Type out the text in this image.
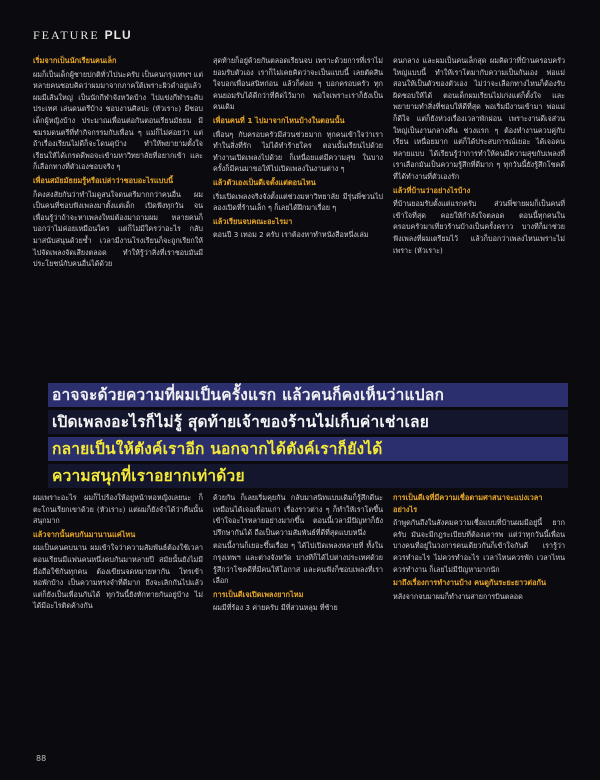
FEATURE PLU

เริ่มจากเป็นนักเรียนคนเล็ก

ผมก็เป็นเด็กผู้ชายปกติทั่วไปนะครับ เป็นคนกรุงเทพฯ แต่หลายคนชอบคิดว่าผมมาจากภาคใต้เพราะผิวดำอยู่แล้ว ผมมีเส้นใหญ่ เป็นนักกีฬาจังหวัดบ้าง ไปแข่งกีฬาระดับประเทศ เล่นดนตรีบ้าง ชอบงานศิลปะ (หัวเราะ) มีชอบเด็กผู้หญิงบ้าง ประมาณเพื่อนต่อกันตอนเรียนมัธยม มีชมรมดนตรีที่ทำกิจกรรมกับเพื่อน ๆ แม่ก็ไม่ค่อยว่า แต่ถ้าเรื่องเรียนไม่ดีก็จะโดนดุบ้าง ทำให้พยายามตั้งใจเรียนให้ได้เกรดดีพอจะเข้ามหาวิทยาลัยที่อยากเข้า และก็เลือกทางที่ตัวเองชอบจริง ๆ

เพื่อนสมัยมัธยมรู้หรือเปล่าว่าชอบอะไรแบบนี้

ก็คงสงสัยกันว่าทำไมดูสนใจดนตรีมากกว่าคนอื่น ผมเป็นคนที่ชอบฟังเพลงมาตั้งแต่เด็ก เปิดฟังทุกวัน จนเพื่อนรู้ว่าถ้าจะหาเพลงใหม่ต้องมาถามผม หลายคนก็บอกว่าไม่ค่อยเหมือนใคร แต่ก็ไม่มีใครว่าอะไร กลับมาสนับสนุนด้วยซ้ำ เวลามีงานโรงเรียนก็จะถูกเรียกให้ไปจัดเพลงจัดเสียงตลอด ทำให้รู้ว่าสิ่งที่เราชอบมันมีประโยชน์กับคนอื่นได้ด้วย

สุดท้ายก็อยู่ด้วยกันตลอดเรียนจบ เพราะด้วยการที่เราไม่ยอมรับตัวเอง เราก็ไม่เคยคิดว่าจะเป็นแบบนี้ เลยตัดสินใจบอกเพื่อนสนิทก่อน แล้วก็ค่อย ๆ บอกครอบครัว ทุกคนยอมรับได้ดีกว่าที่คิดไว้มาก พอใจเพราะเราก็ยังเป็นคนเดิม

เพื่อนคนที่ 1 ไปมาจากไหนบ้างในตอนนั้น

เพื่อนๆ กับครอบครัวมีส่วนช่วยมาก ทุกคนเข้าใจว่าเราทำในสิ่งที่รัก ไม่ได้ทำร้ายใคร ตอนนั้นเรียนไปด้วย ทำงานเปิดเพลงไปด้วย ก็เหนื่อยแต่มีความสุข ในบางครั้งก็มีคนมาขอให้ไปเปิดเพลงในงานต่าง ๆ

แล้วตัวเองเป็นดีเจตั้งแต่ตอนไหน

เริ่มเปิดเพลงจริงจังตั้งแต่ช่วงมหาวิทยาลัย มีรุ่นพี่ชวนไปลองเปิดที่ร้านเล็ก ๆ ก็เลยได้ฝึกมาเรื่อย ๆ

แล้วเรียนจบคณะอะไรมา

ตอนปี 3 เทอม 2 ครับ เราต้องหาทำหนังสือหนึ่งเล่ม

คนกลาง และผมเป็นคนเล็กสุด ผมคิดว่าที่บ้านครอบครัวใหญ่แบบนี้ ทำให้เราโตมากับความเป็นกันเอง พ่อแม่สอนให้เป็นตัวของตัวเอง ไม่ว่าจะเลือกทางไหนก็ต้องรับผิดชอบให้ได้ ตอนเด็กผมเรียนไม่เก่งแต่ก็ตั้งใจ และพยายามทำสิ่งที่ชอบให้ดีที่สุด พอเริ่มมีงานเข้ามา พ่อแม่ก็ดีใจ แต่ก็ยังห่วงเรื่องเวลาพักผ่อน เพราะงานดีเจส่วนใหญ่เป็นงานกลางคืน ช่วงแรก ๆ ต้องทำงานควบคู่กับเรียน เหนื่อยมาก แต่ก็ได้ประสบการณ์เยอะ ได้เจอคนหลายแบบ ได้เรียนรู้ว่าการทำให้คนมีความสุขกับเพลงที่เราเลือกมันเป็นความรู้สึกที่ดีมาก ๆ ทุกวันนี้ยังรู้สึกโชคดีที่ได้ทำงานที่ตัวเองรัก

แล้วที่บ้านว่าอย่างไรบ้าง

ที่บ้านยอมรับตั้งแต่แรกครับ ส่วนพี่ชายผมก็เป็นคนที่เข้าใจที่สุด คอยให้กำลังใจตลอด ตอนนี้ทุกคนในครอบครัวมาเที่ยวร้านบ้างเป็นครั้งคราว บางทีก็มาช่วยฟังเพลงที่ผมเตรียมไว้ แล้วก็บอกว่าเพลงไหนเพราะไม่เพราะ (หัวเราะ)

อาจจะด้วยความที่ผมเป็นครั้งแรก แล้วคนก็คงเห็นว่าแปลก
เปิดเพลงอะไรก็ไม่รู้ สุดท้ายเจ้าของร้านไม่เก็บค่าเช่าเลย
กลายเป็นให้ตังค์เราอีก นอกจากได้ตังค์เราก็ยังได้
ความสนุกที่เราอยากเท่าด้วย

ผมเพราะอะไร ผมก็ไปร้องให้อยู่หน้าหอหญิงเลยนะ ก็ตะโกนเรียกเขาด้วย (หัวเราะ) แต่ผมก็ยังจำได้ว่าคืนนั้นสนุกมาก

แล้วจากนั้นคบกันมานานแค่ไหน

ผมเป็นคนคบนาน ผมเข้าใจว่าความสัมพันธ์ต้องใช้เวลา ตอนเรียนมีแฟนคนหนึ่งคบกันมาหลายปี สมัยนั้นยังไม่มีมือถือใช้กันทุกคน ต้องเขียนจดหมายหากัน โทรเข้าหอพักบ้าง เป็นความทรงจำที่ดีมาก ถึงจะเลิกกันไปแล้วแต่ก็ยังเป็นเพื่อนกันได้ ทุกวันนี้ยังทักทายกันอยู่บ้าง ไม่ได้มีอะไรติดค้างกัน

ด้วยกัน ก็เลยเริ่มคุยกัน กลับมาสนิทแบบเดิมก็รู้สึกดีนะ เหมือนได้เจอเพื่อนเก่า เรื่องราวต่าง ๆ ก็ทำให้เราโตขึ้น เข้าใจอะไรหลายอย่างมากขึ้น ตอนนี้เวลามีปัญหาก็ยังปรึกษากันได้ ถือเป็นความสัมพันธ์ที่ดีที่สุดแบบหนึ่ง

ตอนนี้งานก็เยอะขึ้นเรื่อย ๆ ได้ไปเปิดเพลงหลายที่ ทั้งในกรุงเทพฯ และต่างจังหวัด บางทีก็ได้ไปต่างประเทศด้วย รู้สึกว่าโชคดีที่มีคนให้โอกาส และคนฟังก็ชอบเพลงที่เราเลือก

การเป็นดีเจเปิดเพลงยากไหม

ผมมีที่ร้อง 3 ค่ายครับ มีที่สวนหลุม ที่ซ้าย

การเป็นดีเจที่มีความเชื่อตามศาสนาจะแบ่งเวลาอย่างไร

ถ้าพูดกันถึงในสังคมความเชื่อแบบที่บ้านผมมีอยู่นี้ ยากครับ มันจะมีกฎระเบียบที่ต้องเคารพ แต่ว่าทุกวันนี้เพื่อนบางคนที่อยู่ในวงการคนเดียวกันก็เข้าใจกันดี เรารู้ว่าควรทำอะไร ไม่ควรทำอะไร เวลาไหนควรพัก เวลาไหนควรทำงาน ก็เลยไม่มีปัญหามากนัก

มาถึงเรื่องการทำงานบ้าง คนดูกันระยะยาวต่อกัน

หลังจากจบมาผมก็ทำงานสายการบินตลอด

88
